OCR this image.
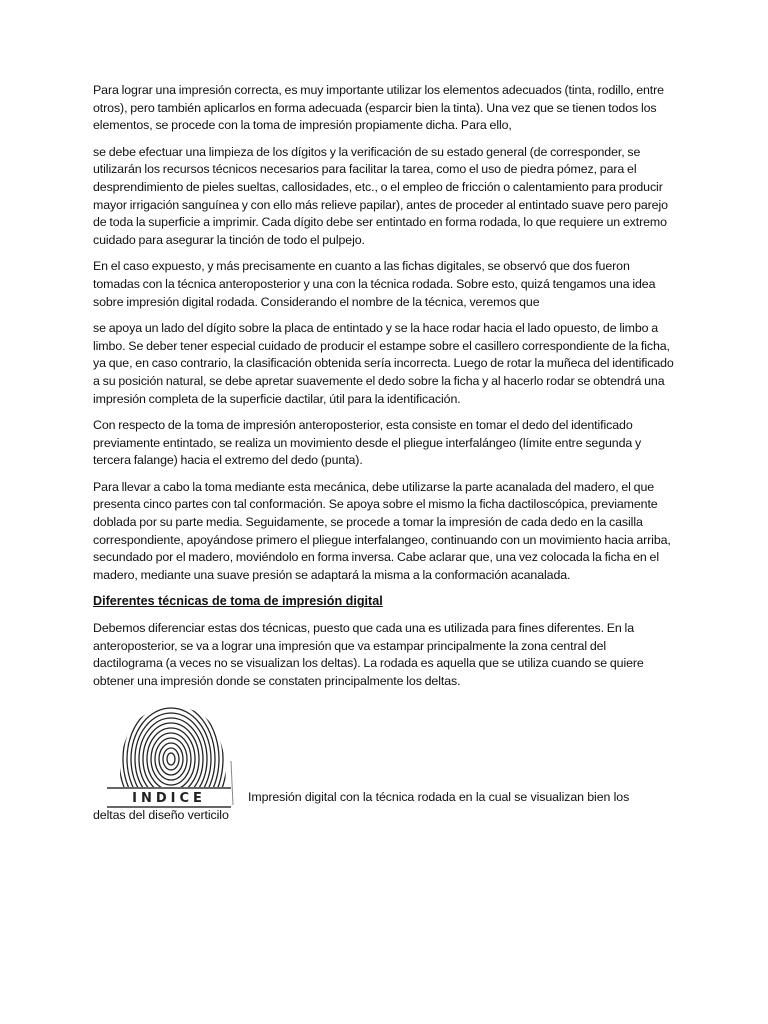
Para lograr una impresión correcta, es muy importante utilizar los elementos adecuados (tinta, rodillo, entre otros), pero también aplicarlos en forma adecuada (esparcir bien la tinta). Una vez que se tienen todos los elementos, se procede con la toma de impresión propiamente dicha. Para ello,

se debe efectuar una limpieza de los dígitos y la verificación de su estado general (de corresponder, se utilizarán los recursos técnicos necesarios para facilitar la tarea, como el uso de piedra pómez, para el desprendimiento de pieles sueltas, callosidades, etc., o el empleo de fricción o calentamiento para producir mayor irrigación sanguínea y con ello más relieve papilar), antes de proceder al entintado suave pero parejo de toda la superficie a imprimir. Cada dígito debe ser entintado en forma rodada, lo que requiere un extremo cuidado para asegurar la tinción de todo el pulpejo.

En el caso expuesto, y más precisamente en cuanto a las fichas digitales, se observó que dos fueron tomadas con la técnica anteroposterior y una con la técnica rodada. Sobre esto, quizá tengamos una idea sobre impresión digital rodada. Considerando el nombre de la técnica, veremos que

se apoya un lado del dígito sobre la placa de entintado y se la hace rodar hacia el lado opuesto, de limbo a limbo. Se deber tener especial cuidado de producir el estampe sobre el casillero correspondiente de la ficha, ya que, en caso contrario, la clasificación obtenida sería incorrecta. Luego de rotar la muñeca del identificado a su posición natural, se debe apretar suavemente el dedo sobre la ficha y al hacerlo rodar se obtendrá una impresión completa de la superficie dactilar, útil para la identificación.

Con respecto de la toma de impresión anteroposterior, esta consiste en tomar el dedo del identificado previamente entintado, se realiza un movimiento desde el pliegue interfalángeo (límite entre segunda y tercera falange) hacia el extremo del dedo (punta).

Para llevar a cabo la toma mediante esta mecánica, debe utilizarse la parte acanalada del madero, el que presenta cinco partes con tal conformación. Se apoya sobre el mismo la ficha dactiloscópica, previamente doblada por su parte media. Seguidamente, se procede a tomar la impresión de cada dedo en la casilla correspondiente, apoyándose primero el pliegue interfalangeo, continuando con un movimiento hacia arriba, secundado por el madero, moviéndolo en forma inversa. Cabe aclarar que, una vez colocada la ficha en el madero, mediante una suave presión se adaptará la misma a la conformación acanalada.

Diferentes técnicas de toma de impresión digital

Debemos diferenciar estas dos técnicas, puesto que cada una es utilizada para fines diferentes. En la anteroposterior, se va a lograr una impresión que va estampar principalmente la zona central del dactilograma (a veces no se visualizan los deltas). La rodada es aquella que se utiliza cuando se quiere obtener una impresión donde se constaten principalmente los deltas.

INDICE	Impresión digital con la técnica rodada en la cual se visualizan bien los
deltas del diseño verticilo
